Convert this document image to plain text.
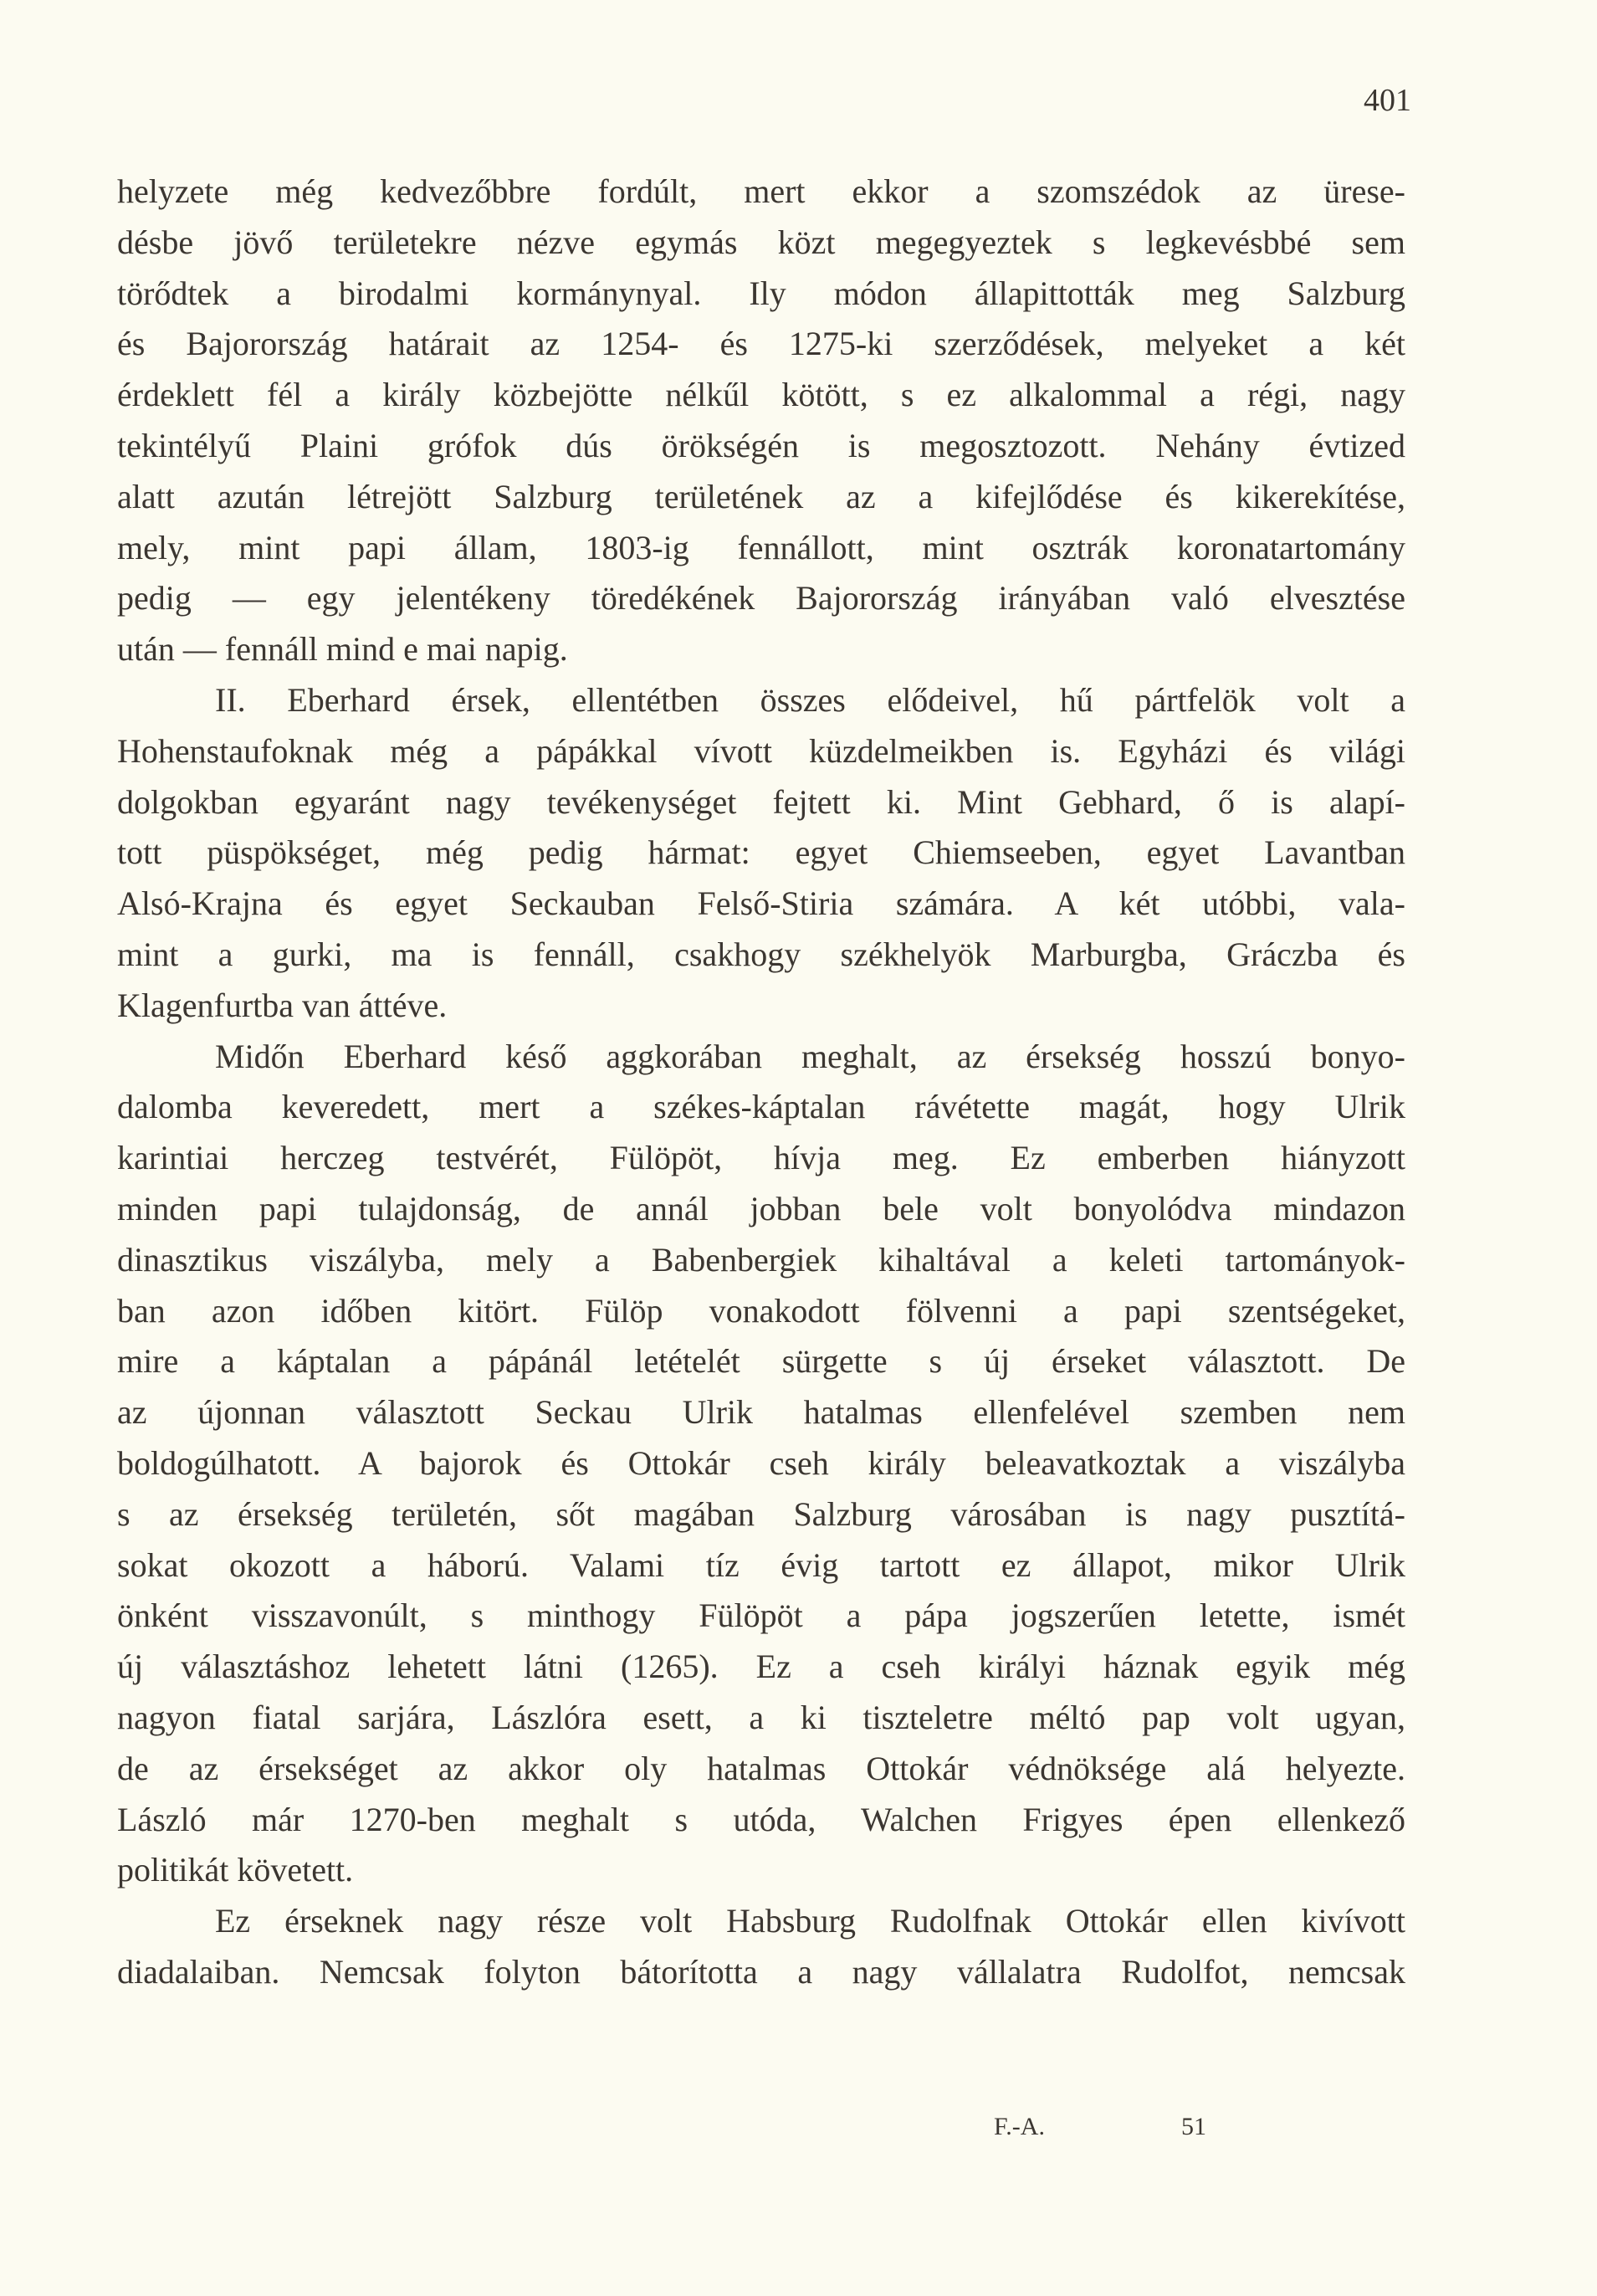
401
helyzete még kedvezőbbre fordúlt, mert ekkor a szomszédok az ürese-
désbe jövő területekre nézve egymás közt megegyeztek s legkevésbbé sem
törődtek a birodalmi kormánynyal. Ily módon állapittották meg Salzburg
és Bajorország határait az 1254- és 1275-ki szerződések, melyeket a két
érdeklett fél a király közbejötte nélkűl kötött, s ez alkalommal a régi, nagy
tekintélyű Plaini grófok dús örökségén is megosztozott. Nehány évtized
alatt azután létrejött Salzburg területének az a kifejlődése és kikerekítése,
mely, mint papi állam, 1803-ig fennállott, mint osztrák koronatartomány
pedig — egy jelentékeny töredékének Bajorország irányában való elvesztése
után — fennáll mind e mai napig.
II. Eberhard érsek, ellentétben összes elődeivel, hű pártfelök volt a
Hohenstaufoknak még a pápákkal vívott küzdelmeikben is. Egyházi és világi
dolgokban egyaránt nagy tevékenységet fejtett ki. Mint Gebhard, ő is alapí-
tott püspökséget, még pedig hármat: egyet Chiemseeben, egyet Lavantban
Alsó-Krajna és egyet Seckauban Felső-Stiria számára. A két utóbbi, vala-
mint a gurki, ma is fennáll, csakhogy székhelyök Marburgba, Gráczba és
Klagenfurtba van áttéve.
Midőn Eberhard késő aggkorában meghalt, az érsekség hosszú bonyo-
dalomba keveredett, mert a székes-káptalan rávétette magát, hogy Ulrik
karintiai herczeg testvérét, Fülöpöt, hívja meg. Ez emberben hiányzott
minden papi tulajdonság, de annál jobban bele volt bonyolódva mindazon
dinasztikus viszályba, mely a Babenbergiek kihaltával a keleti tartományok-
ban azon időben kitört. Fülöp vonakodott fölvenni a papi szentségeket,
mire a káptalan a pápánál letételét sürgette s új érseket választott. De
az újonnan választott Seckau Ulrik hatalmas ellenfelével szemben nem
boldogúlhatott. A bajorok és Ottokár cseh király beleavatkoztak a viszályba
s az érsekség területén, sőt magában Salzburg városában is nagy pusztítá-
sokat okozott a háború. Valami tíz évig tartott ez állapot, mikor Ulrik
önként visszavonúlt, s minthogy Fülöpöt a pápa jogszerűen letette, ismét
új választáshoz lehetett látni (1265). Ez a cseh királyi háznak egyik még
nagyon fiatal sarjára, Lászlóra esett, a ki tiszteletre méltó pap volt ugyan,
de az érsekséget az akkor oly hatalmas Ottokár védnöksége alá helyezte.
László már 1270-ben meghalt s utóda, Walchen Frigyes épen ellenkező
politikát követett.
Ez érseknek nagy része volt Habsburg Rudolfnak Ottokár ellen kivívott
diadalaiban. Nemcsak folyton bátorította a nagy vállalatra Rudolfot, nemcsak
F.-A.	51
